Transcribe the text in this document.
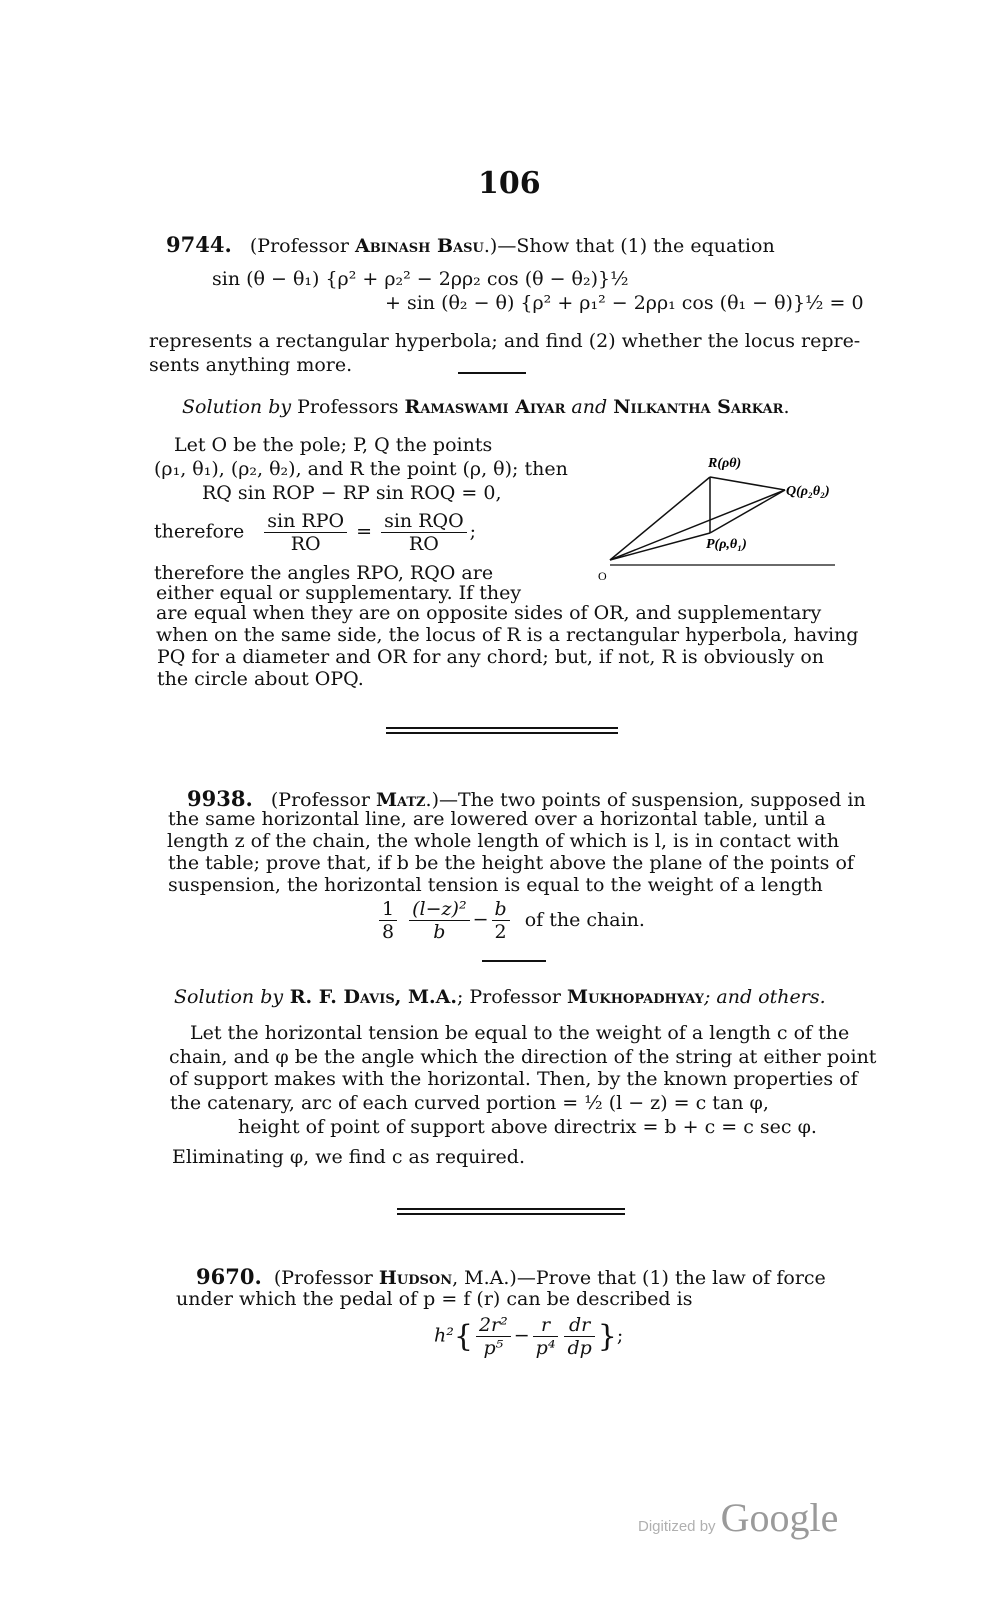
106
9744. (Professor Abinash Basu.)—Show that (1) the equation
sin (θ − θ₁) {ρ² + ρ₂² − 2ρρ₂ cos (θ − θ₂)}½
+ sin (θ₂ − θ) {ρ² + ρ₁² − 2ρρ₁ cos (θ₁ − θ)}½ = 0
represents a rectangular hyperbola; and find (2) whether the locus repre-
sents anything more.
Solution by Professors Ramaswami Aiyar and Nilkantha Sarkar.
Let O be the pole; P, Q the points
(ρ₁, θ₁), (ρ₂, θ₂), and R the point (ρ, θ); then
RQ sin ROP − RP sin ROQ = 0,
therefore $\frac{\text{sin RPO}}{RO} = \frac{\text{sin RQO}}{RO}$ ;
therefore the angles RPO, RQO are
either equal or supplementary. If they
are equal when they are on opposite sides of OR, and supplementary
when on the same side, the locus of R is a rectangular hyperbola, having
PQ for a diameter and OR for any chord; but, if not, R is obviously on
the circle about OPQ.
R(ρθ)
Q(ρ₂θ₂)
P(ρ,θ₁)
O
9938. (Professor Matz.)—The two points of suspension, supposed in
the same horizontal line, are lowered over a horizontal table, until a
length z of the chain, the whole length of which is l, is in contact with
the table; prove that, if b be the height above the plane of the points of
suspension, the horizontal tension is equal to the weight of a length
$\frac{1}{8}$
$\frac{\text{(l−z)²}}{b} - \frac{b}{2}$ of the chain.
Solution by R. F. Davis, M.A.; Professor Mukhopadhyay; and others.
Let the horizontal tension be equal to the weight of a length c of the
chain, and φ be the angle which the direction of the string at either point
of support makes with the horizontal. Then, by the known properties of
the catenary, arc of each curved portion = ½ (l − z) = c tan φ,
height of point of support above directrix = b + c = c sec φ.
Eliminating φ, we find c as required.
9670. (Professor Hudson, M.A.)—Prove that (1) the law of force
under which the pedal of p = f (r) can be described is
$h^2\{ \frac{\text{2r²}}{\text{p⁵}} - \frac{r}{\text{p⁴}} \frac{dr}{dp}$ };
Digitized by Google
